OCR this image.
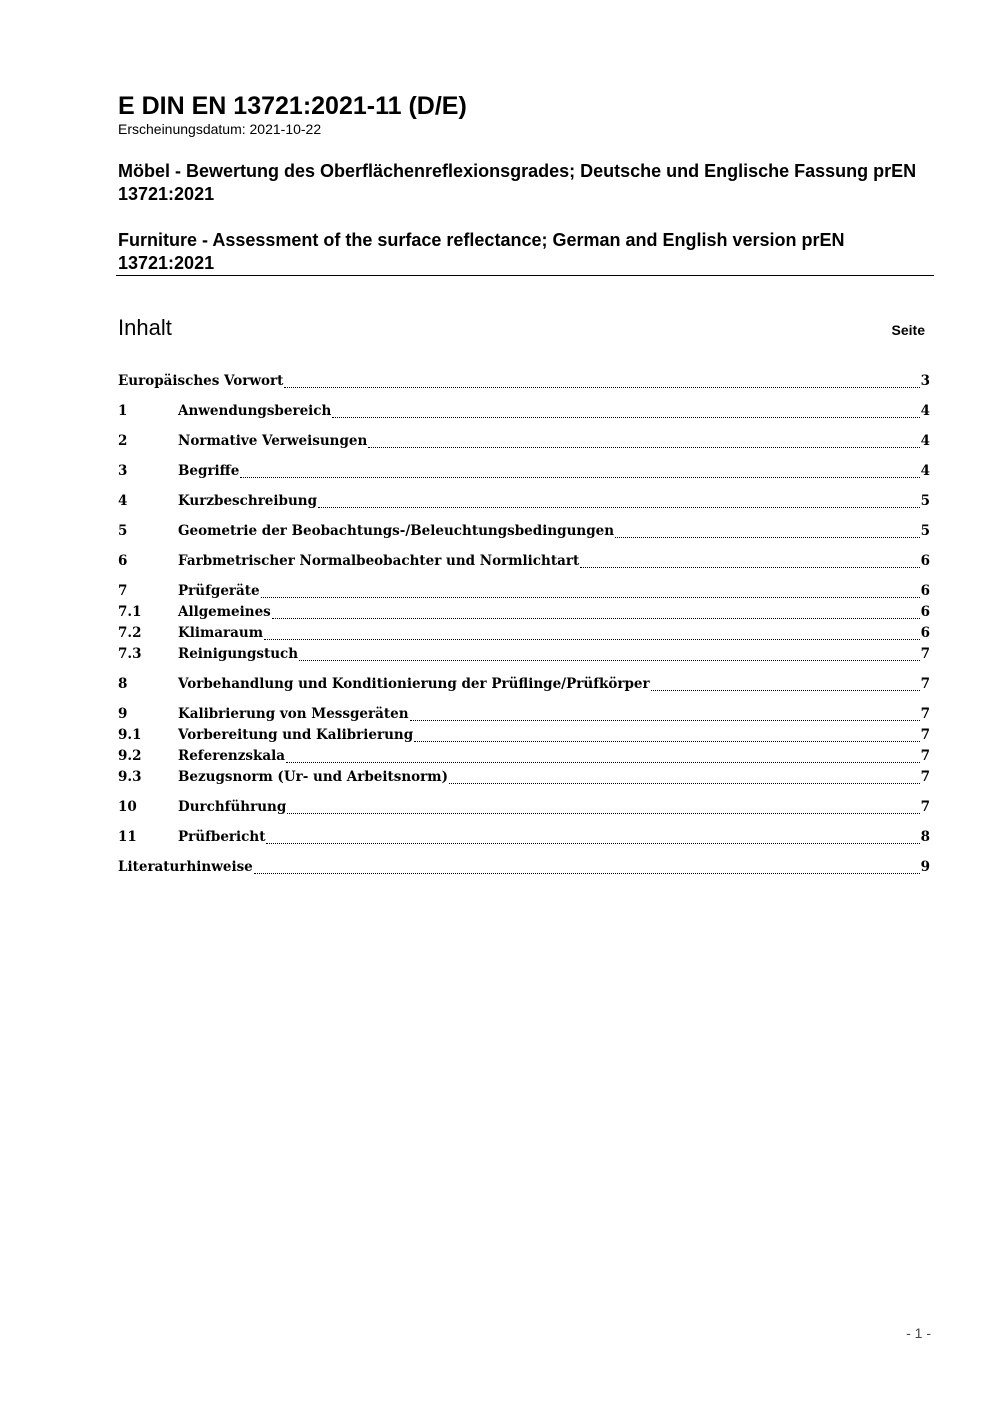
E DIN EN 13721:2021-11 (D/E)
Erscheinungsdatum: 2021-10-22
Möbel - Bewertung des Oberflächenreflexionsgrades; Deutsche und Englische Fassung prEN 13721:2021
Furniture - Assessment of the surface reflectance; German and English version prEN 13721:2021
Inhalt	Seite
Europäisches Vorwort	3
1	Anwendungsbereich	4
2	Normative Verweisungen	4
3	Begriffe	4
4	Kurzbeschreibung	5
5	Geometrie der Beobachtungs-/Beleuchtungsbedingungen	5
6	Farbmetrischer Normalbeobachter und Normlichtart	6
7	Prüfgeräte	6
7.1	Allgemeines	6
7.2	Klimaraum	6
7.3	Reinigungstuch	7
8	Vorbehandlung und Konditionierung der Prüflinge/Prüfkörper	7
9	Kalibrierung von Messgeräten	7
9.1	Vorbereitung und Kalibrierung	7
9.2	Referenzskala	7
9.3	Bezugsnorm (Ur- und Arbeitsnorm)	7
10	Durchführung	7
11	Prüfbericht	8
Literaturhinweise	9
- 1 -
